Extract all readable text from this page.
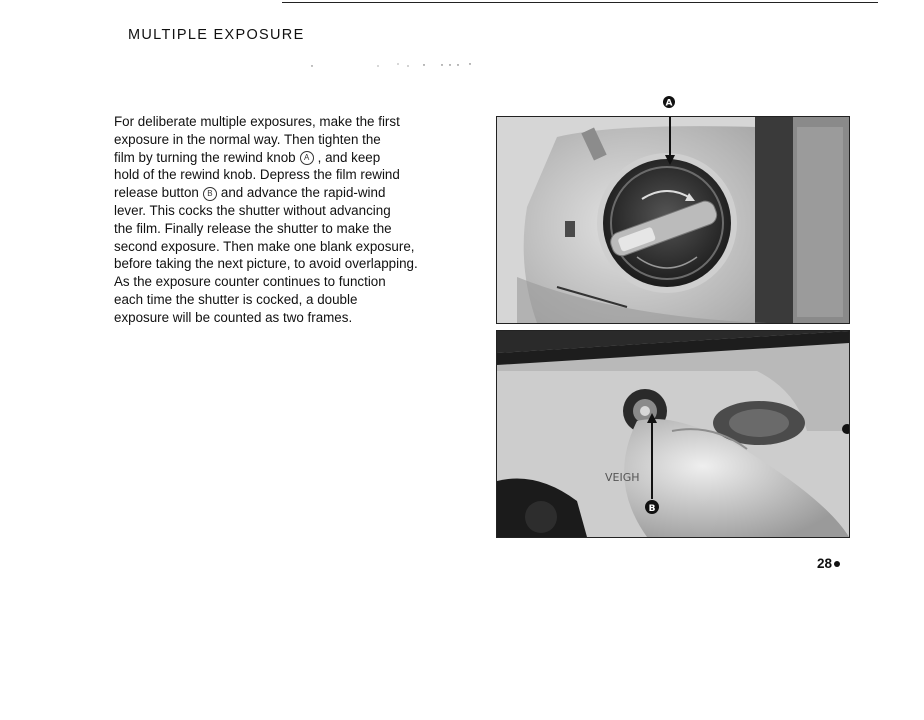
MULTIPLE EXPOSURE
For deliberate multiple exposures, make the first
exposure in the normal way. Then tighten the
film by turning the rewind knob A , and keep
hold of the rewind knob. Depress the film rewind
release button B and advance the rapid-wind
lever. This cocks the shutter without advancing
the film. Finally release the shutter to make the
second exposure. Then make one blank exposure,
before taking the next picture, to avoid overlapping.
As the exposure counter continues to function
each time the shutter is cocked, a double
exposure will be counted as two frames.
A
VEIGH
B
28
